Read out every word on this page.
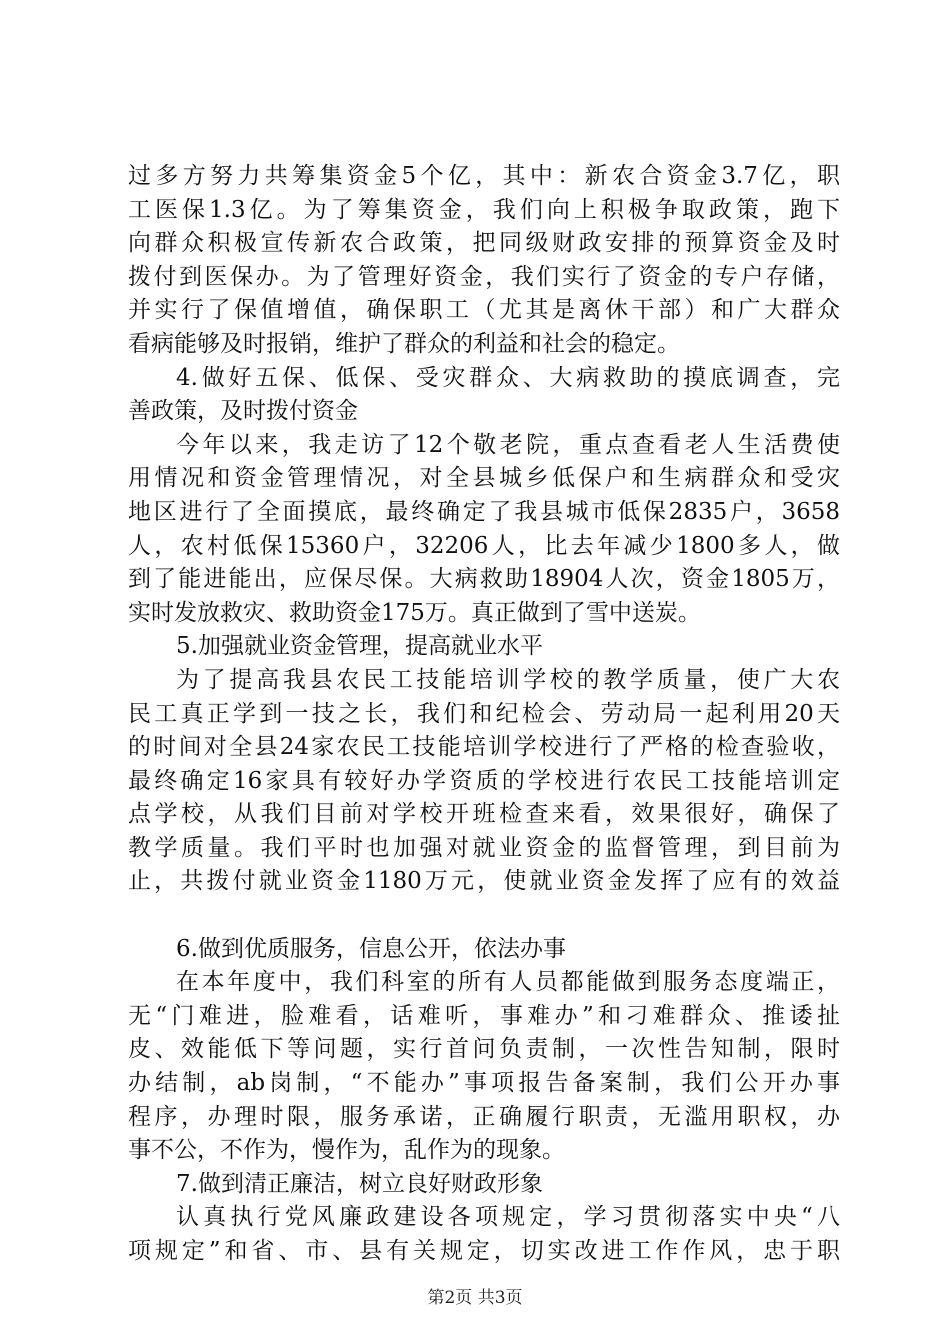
过多方努力共筹集资金5个亿，其中：新农合资金3.7亿，职
工医保1.3亿。为了筹集资金，我们向上积极争取政策，跑下
向群众积极宣传新农合政策，把同级财政安排的预算资金及时
拨付到医保办。为了管理好资金，我们实行了资金的专户存储，
并实行了保值增值，确保职工（尤其是离休干部）和广大群众
看病能够及时报销，维护了群众的利益和社会的稳定。
4.做好五保、低保、受灾群众、大病救助的摸底调查，完
善政策，及时拨付资金
今年以来，我走访了12个敬老院，重点查看老人生活费使
用情况和资金管理情况，对全县城乡低保户和生病群众和受灾
地区进行了全面摸底，最终确定了我县城市低保2835户，3658
人，农村低保15360户，32206人，比去年减少1800多人，做
到了能进能出，应保尽保。大病救助18904人次，资金1805万，
实时发放救灾、救助资金175万。真正做到了雪中送炭。
5.加强就业资金管理，提高就业水平
为了提高我县农民工技能培训学校的教学质量，使广大农
民工真正学到一技之长，我们和纪检会、劳动局一起利用20天
的时间对全县24家农民工技能培训学校进行了严格的检查验收，
最终确定16家具有较好办学资质的学校进行农民工技能培训定
点学校，从我们目前对学校开班检查来看，效果很好，确保了
教学质量。我们平时也加强对就业资金的监督管理，到目前为
止，共拨付就业资金1180万元，使就业资金发挥了应有的效益
6.做到优质服务，信息公开，依法办事
在本年度中，我们科室的所有人员都能做到服务态度端正，
无“门难进，脸难看，话难听，事难办”和刁难群众、推诿扯
皮、效能低下等问题，实行首问负责制，一次性告知制，限时
办结制，ab岗制，“不能办”事项报告备案制，我们公开办事
程序，办理时限，服务承诺，正确履行职责，无滥用职权，办
事不公，不作为，慢作为，乱作为的现象。
7.做到清正廉洁，树立良好财政形象
认真执行党风廉政建设各项规定，学习贯彻落实中央“八
项规定”和省、市、县有关规定，切实改进工作作风，忠于职
第2页 共3页
